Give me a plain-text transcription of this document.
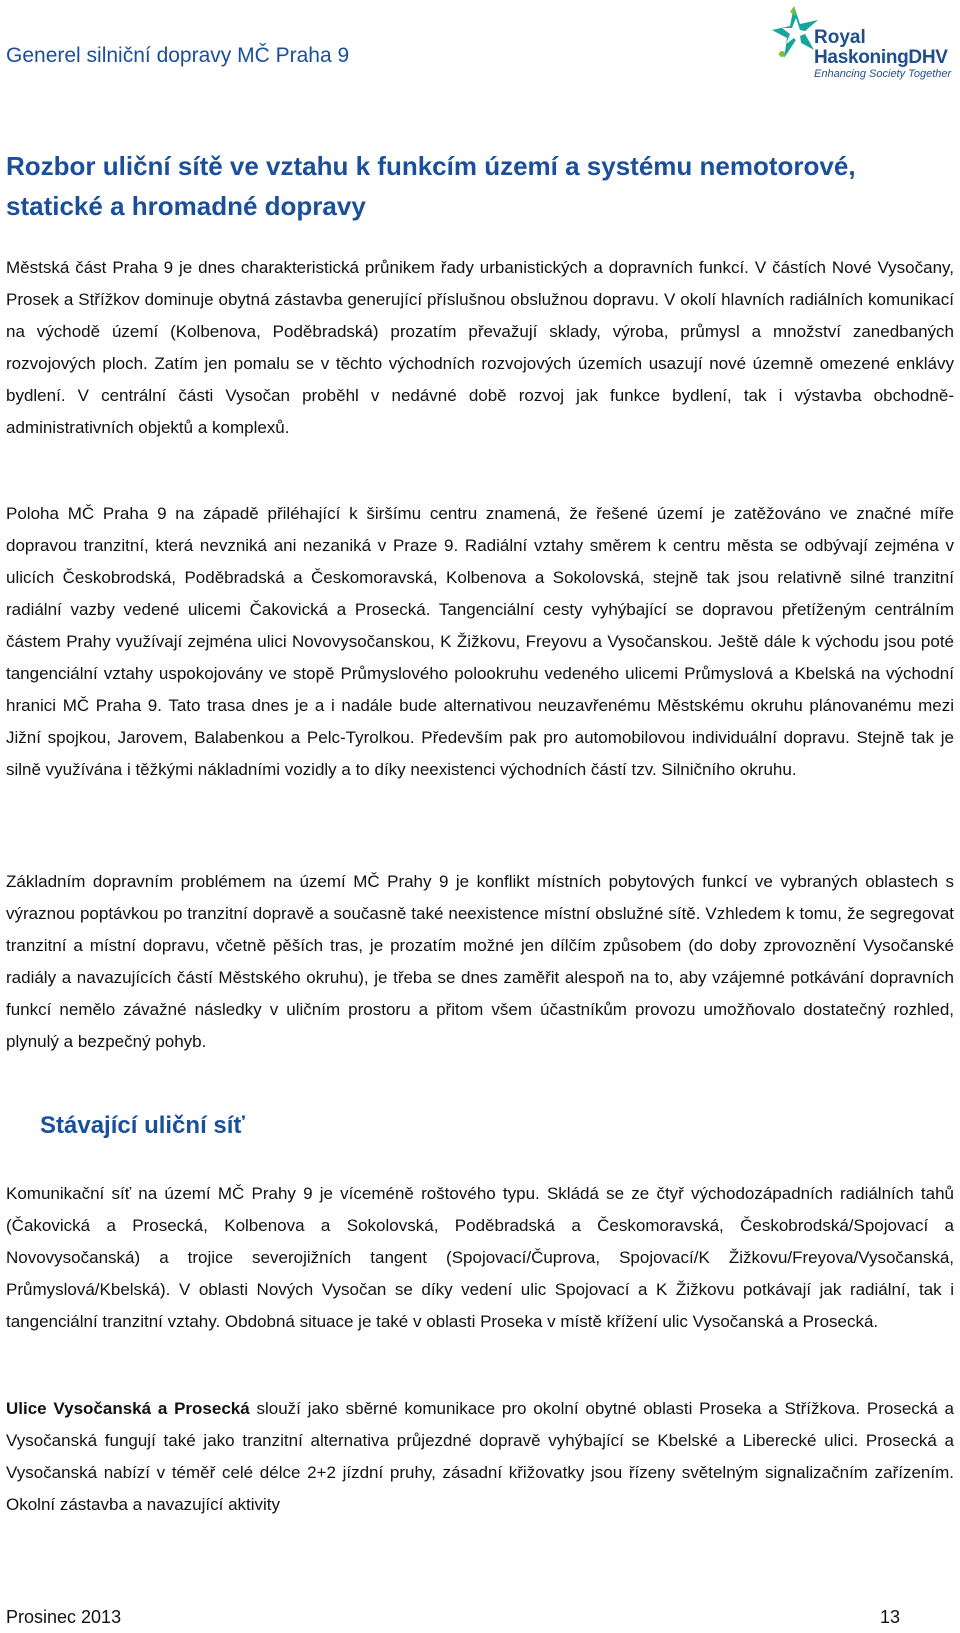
Generel silniční dopravy MČ Praha 9
Royal
HaskoningDHV
Enhancing Society Together
Rozbor uliční sítě ve vztahu k funkcím území a systému nemotorové, statické a hromadné dopravy

Městská část Praha 9 je dnes charakteristická průnikem řady urbanistických a dopravních funkcí. V částích Nové Vysočany, Prosek a Střížkov dominuje obytná zástavba generující příslušnou obslužnou dopravu. V okolí hlavních radiálních komunikací na východě území (Kolbenova, Poděbradská) prozatím převažují sklady, výroba, průmysl a množství zanedbaných rozvojových ploch. Zatím jen pomalu se v těchto východních rozvojových územích usazují nové územně omezené enklávy bydlení. V centrální části Vysočan proběhl v nedávné době rozvoj jak funkce bydlení, tak i výstavba obchodně-administrativních objektů a komplexů.

Poloha MČ Praha 9 na západě přiléhající k širšímu centru znamená, že řešené území je zatěžováno ve značné míře dopravou tranzitní, která nevzniká ani nezaniká v Praze 9. Radiální vztahy směrem k centru města se odbývají zejména v ulicích Českobrodská, Poděbradská a Českomoravská, Kolbenova a Sokolovská, stejně tak jsou relativně silné tranzitní radiální vazby vedené ulicemi Čakovická a Prosecká. Tangenciální cesty vyhýbající se dopravou přetíženým centrálním částem Prahy využívají zejména ulici Novovysočanskou, K Žižkovu, Freyovu a Vysočanskou. Ještě dále k východu jsou poté tangenciální vztahy uspokojovány ve stopě Průmyslového polookruhu vedeného ulicemi Průmyslová a Kbelská na východní hranici MČ Praha 9. Tato trasa dnes je a i nadále bude alternativou neuzavřenému Městskému okruhu plánovanému mezi Jižní spojkou, Jarovem, Balabenkou a Pelc-Tyrolkou. Především pak pro automobilovou individuální dopravu. Stejně tak je silně využívána i těžkými nákladními vozidly a to díky neexistenci východních částí tzv. Silničního okruhu.

Základním dopravním problémem na území MČ Prahy 9 je konflikt místních pobytových funkcí ve vybraných oblastech s výraznou poptávkou po tranzitní dopravě a současně také neexistence místní obslužné sítě. Vzhledem k tomu, že segregovat tranzitní a místní dopravu, včetně pěších tras, je prozatím možné jen dílčím způsobem (do doby zprovoznění Vysočanské radiály a navazujících částí Městského okruhu), je třeba se dnes zaměřit alespoň na to, aby vzájemné potkávání dopravních funkcí nemělo závažné následky v uličním prostoru a přitom všem účastníkům provozu umožňovalo dostatečný rozhled, plynulý a bezpečný pohyb.

Stávající uliční síť

Komunikační síť na území MČ Prahy 9 je víceméně roštového typu. Skládá se ze čtyř východozápadních radiálních tahů (Čakovická a Prosecká, Kolbenova a Sokolovská, Poděbradská a Českomoravská, Českobrodská/Spojovací a Novovysočanská) a trojice severojižních tangent (Spojovací/Čuprova, Spojovací/K Žižkovu/Freyova/Vysočanská, Průmyslová/Kbelská). V oblasti Nových Vysočan se díky vedení ulic Spojovací a K Žižkovu potkávají jak radiální, tak i tangenciální tranzitní vztahy. Obdobná situace je také v oblasti Proseka v místě křížení ulic Vysočanská a Prosecká.

Ulice Vysočanská a Prosecká slouží jako sběrné komunikace pro okolní obytné oblasti Proseka a Střížkova. Prosecká a Vysočanská fungují také jako tranzitní alternativa průjezdné dopravě vyhýbající se Kbelské a Liberecké ulici. Prosecká a Vysočanská nabízí v téměř celé délce 2+2 jízdní pruhy, zásadní křižovatky jsou řízeny světelným signalizačním zařízením. Okolní zástavba a navazující aktivity

Prosinec 2013	13
